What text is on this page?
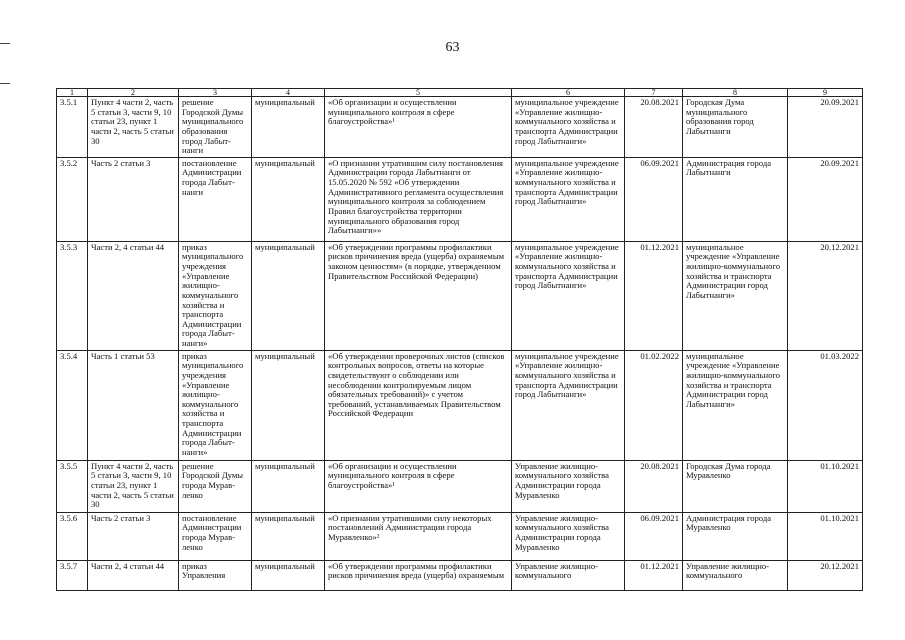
63
1	2	3	4	5	6	7	8	9
3.5.1	Пункт 4 части 2, часть 5 статьи 3, части 9, 10 статьи 23, пункт 1 части 2, часть 5 статьи 30	решение Городской Думы муниципального образования город Лабыт-нанги	муниципальный	«Об организации и осуществлении муниципального контроля в сфере благоустройства»¹	муниципальное учреждение «Управление жилищно-коммунального хозяйства и транспорта Администрации город Лабытнанги»	20.08.2021	Городская Дума муниципального образования город Лабытнанги	20.09.2021
3.5.2	Часть 2 статьи 3	постановление Администрации города Лабыт-нанги	муниципальный	«О признании утратившим силу постановления Администрации города Лабытнанги от 15.05.2020 № 592 «Об утверждении Административного регламента осуществления муниципального контроля за соблюдением Правил благоустройства территории муниципального образования город Лабытнанги»»	муниципальное учреждение «Управление жилищно-коммунального хозяйства и транспорта Администрации город Лабытнанги»	06.09.2021	Администрация города Лабытнанги	20.09.2021
3.5.3	Части 2, 4 статьи 44	приказ муниципального учреждения «Управление жилищно-коммунального хозяйства и транспорта Администрации города Лабыт-нанги»	муниципальный	«Об утверждении программы профилактики рисков причинения вреда (ущерба) охраняемым законом ценностям» (в порядке, утвержденном Правительством Российской Федерации)	муниципальное учреждение «Управление жилищно-коммунального хозяйства и транспорта Администрации город Лабытнанги»	01.12.2021	муниципальное учреждение «Управление жилищно-коммунального хозяйства и транспорта Администрации город Лабытнанги»	20.12.2021
3.5.4	Часть 1 статьи 53	приказ муниципального учреждения «Управление жилищно-коммунального хозяйства и транспорта Администрации города Лабыт-нанги»	муниципальный	«Об утверждении проверочных листов (списков контрольных вопросов, ответы на которые свидетельствуют о соблюдении или несоблюдении контролируемым лицом обязательных требований)» с учетом требований, устанавливаемых Правительством Российской Федерации	муниципальное учреждение «Управление жилищно-коммунального хозяйства и транспорта Администрации город Лабытнанги»	01.02.2022	муниципальное учреждение «Управление жилищно-коммунального хозяйства и транспорта Администрации город Лабытнанги»	01.03.2022
3.5.5	Пункт 4 части 2, часть 5 статьи 3, части 9, 10 статьи 23, пункт 1 части 2, часть 5 статьи 30	решение Городской Думы города Мурав-ленко	муниципальный	«Об организации и осуществлении муниципального контроля в сфере благоустройства»¹	Управление жилищно-коммунального хозяйства Администрации города Муравленко	20.08.2021	Городская Дума города Муравленко	01.10.2021
3.5.6	Часть 2 статьи 3	постановление Администрации города Мурав-ленко	муниципальный	«О признании утратившими силу некоторых постановлений Администрации города Муравленко»²	Управление жилищно-коммунального хозяйства Администрации города Муравленко	06.09.2021	Администрация города Муравленко	01.10.2021
3.5.7	Части 2, 4 статьи 44	приказ Управления	муниципальный	«Об утверждении программы профилактики рисков причинения вреда (ущерба) охраняемым	Управление жилищно-коммунального	01.12.2021	Управление жилищно-коммунального	20.12.2021
